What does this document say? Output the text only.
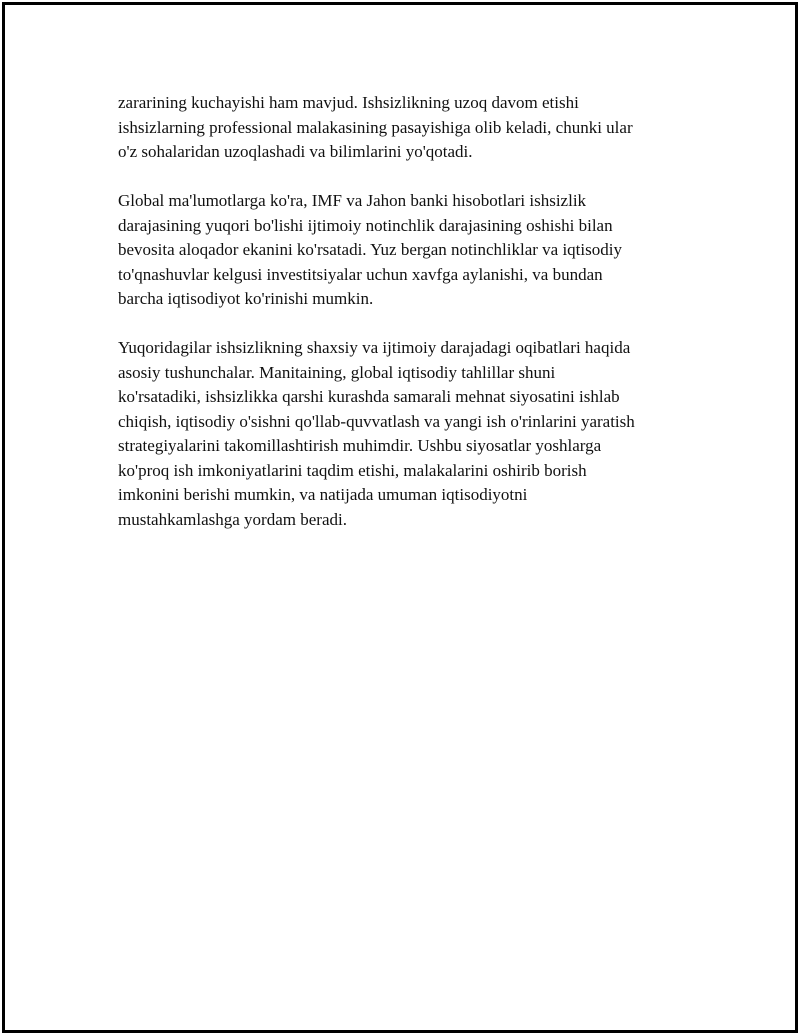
zararining kuchayishi ham mavjud. Ishsizlikning uzoq davom etishi
ishsizlarning professional malakasining pasayishiga olib keladi, chunki ular
o'z sohalaridan uzoqlashadi va bilimlarini yo'qotadi.

Global ma'lumotlarga ko'ra, IMF va Jahon banki hisobotlari ishsizlik
darajasining yuqori bo'lishi ijtimoiy notinchlik darajasining oshishi bilan
bevosita aloqador ekanini ko'rsatadi. Yuz bergan notinchliklar va iqtisodiy
to'qnashuvlar kelgusi investitsiyalar uchun xavfga aylanishi, va bundan
barcha iqtisodiyot ko'rinishi mumkin.

Yuqoridagilar ishsizlikning shaxsiy va ijtimoiy darajadagi oqibatlari haqida
asosiy tushunchalar. Manitaining, global iqtisodiy tahlillar shuni
ko'rsatadiki, ishsizlikka qarshi kurashda samarali mehnat siyosatini ishlab
chiqish, iqtisodiy o'sishni qo'llab-quvvatlash va yangi ish o'rinlarini yaratish
strategiyalarini takomillashtirish muhimdir. Ushbu siyosatlar yoshlarga
ko'proq ish imkoniyatlarini taqdim etishi, malakalarini oshirib borish
imkonini berishi mumkin, va natijada umuman iqtisodiyotni
mustahkamlashga yordam beradi.
